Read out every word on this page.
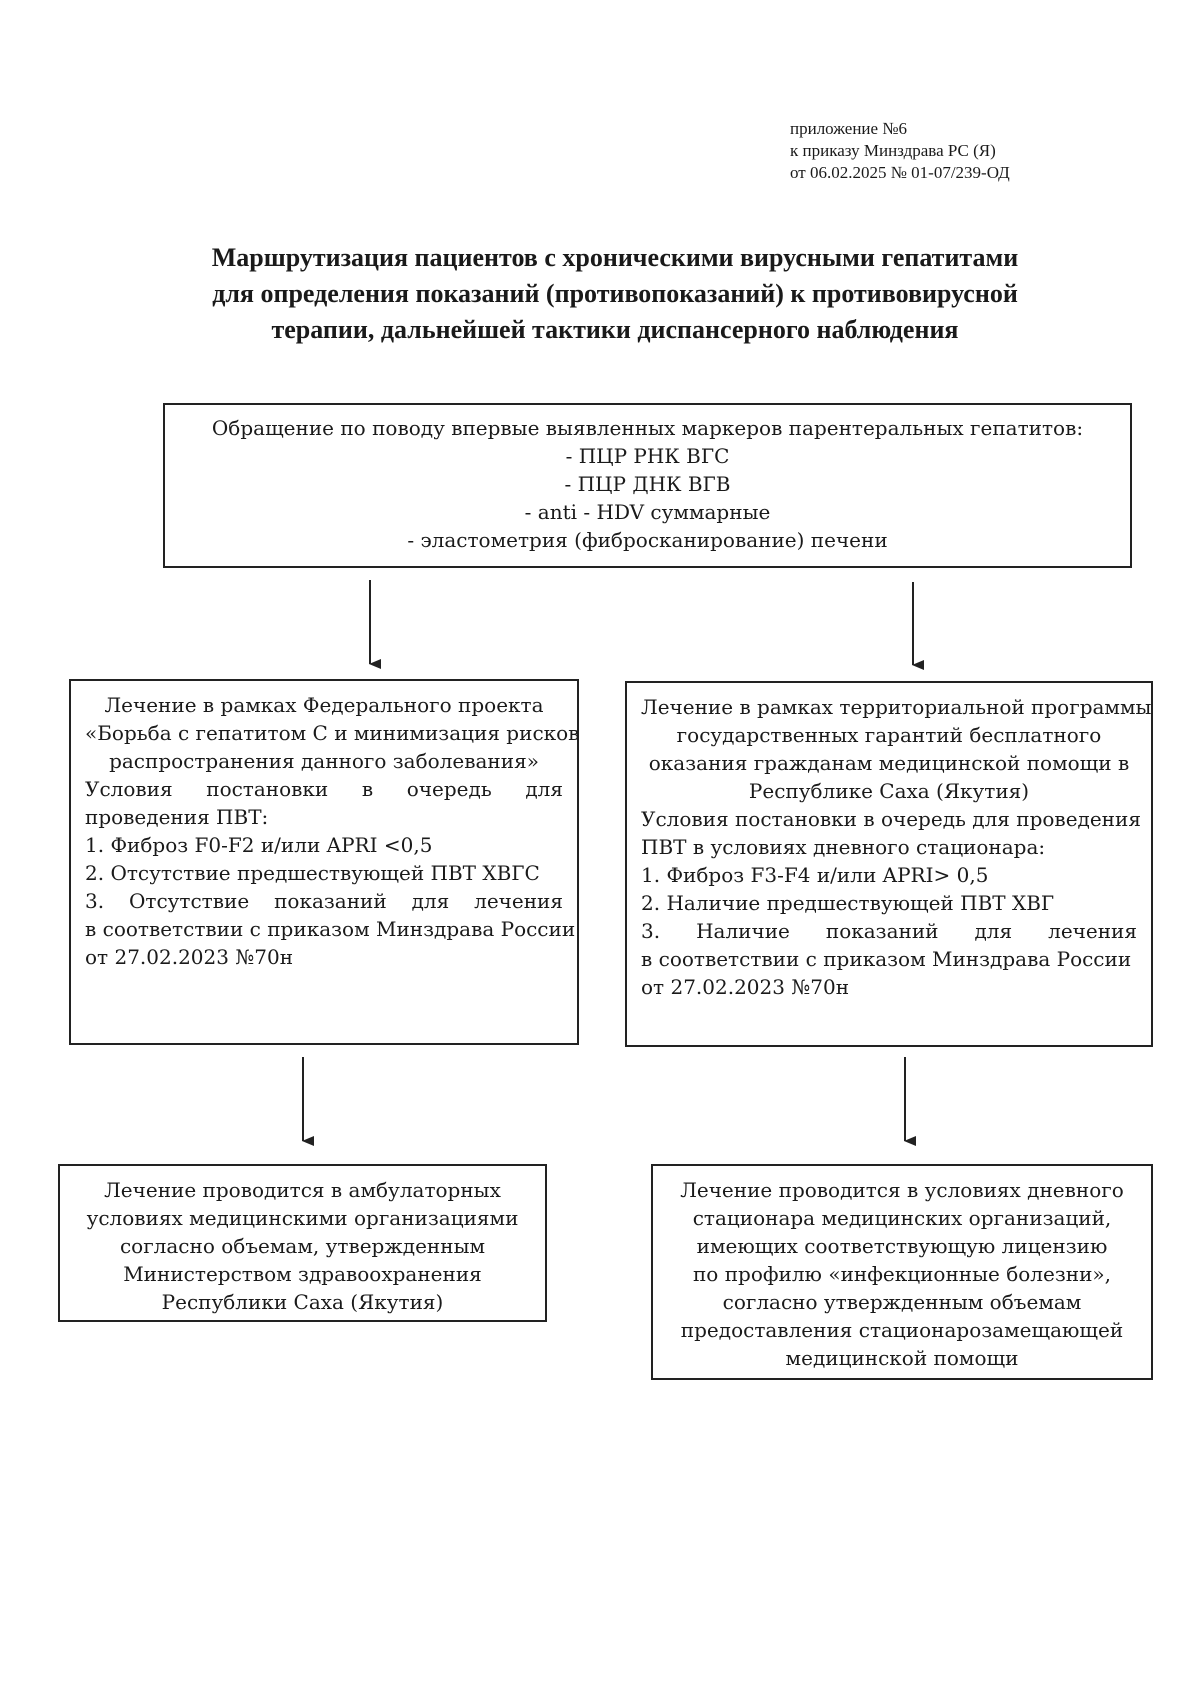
приложение №6
к приказу Минздрава РС (Я)
от 06.02.2025 № 01-07/239-ОД
Маршрутизация пациентов с хроническими вирусными гепатитами
для определения показаний (противопоказаний) к противовирусной
терапии, дальнейшей тактики диспансерного наблюдения
Обращение по поводу впервые выявленных маркеров парентеральных гепатитов:
- ПЦР РНК ВГС
- ПЦР ДНК ВГВ
- anti - HDV суммарные
- эластометрия (фибросканирование) печени
Лечение в рамках Федерального проекта
«Борьба с гепатитом С и минимизация рисков
распространения данного заболевания»
Условия постановки в очередь для
проведения ПВТ:
1. Фиброз F0-F2 и/или APRI <0,5
2. Отсутствие предшествующей ПВТ ХВГС
3. Отсутствие показаний для лечения
в соответствии с приказом Минздрава России
от 27.02.2023 №70н
Лечение в рамках территориальной программы
государственных гарантий бесплатного
оказания гражданам медицинской помощи в
Республике Саха (Якутия)
Условия постановки в очередь для проведения
ПВТ в условиях дневного стационара:
1. Фиброз F3-F4 и/или APRI> 0,5
2. Наличие предшествующей ПВТ ХВГ
3. Наличие показаний для лечения
в соответствии с приказом Минздрава России
от 27.02.2023 №70н
Лечение проводится в амбулаторных
условиях медицинскими организациями
согласно объемам, утвержденным
Министерством здравоохранения
Республики Саха (Якутия)
Лечение проводится в условиях дневного
стационара медицинских организаций,
имеющих соответствующую лицензию
по профилю «инфекционные болезни»,
согласно утвержденным объемам
предоставления стационарозамещающей
медицинской помощи
